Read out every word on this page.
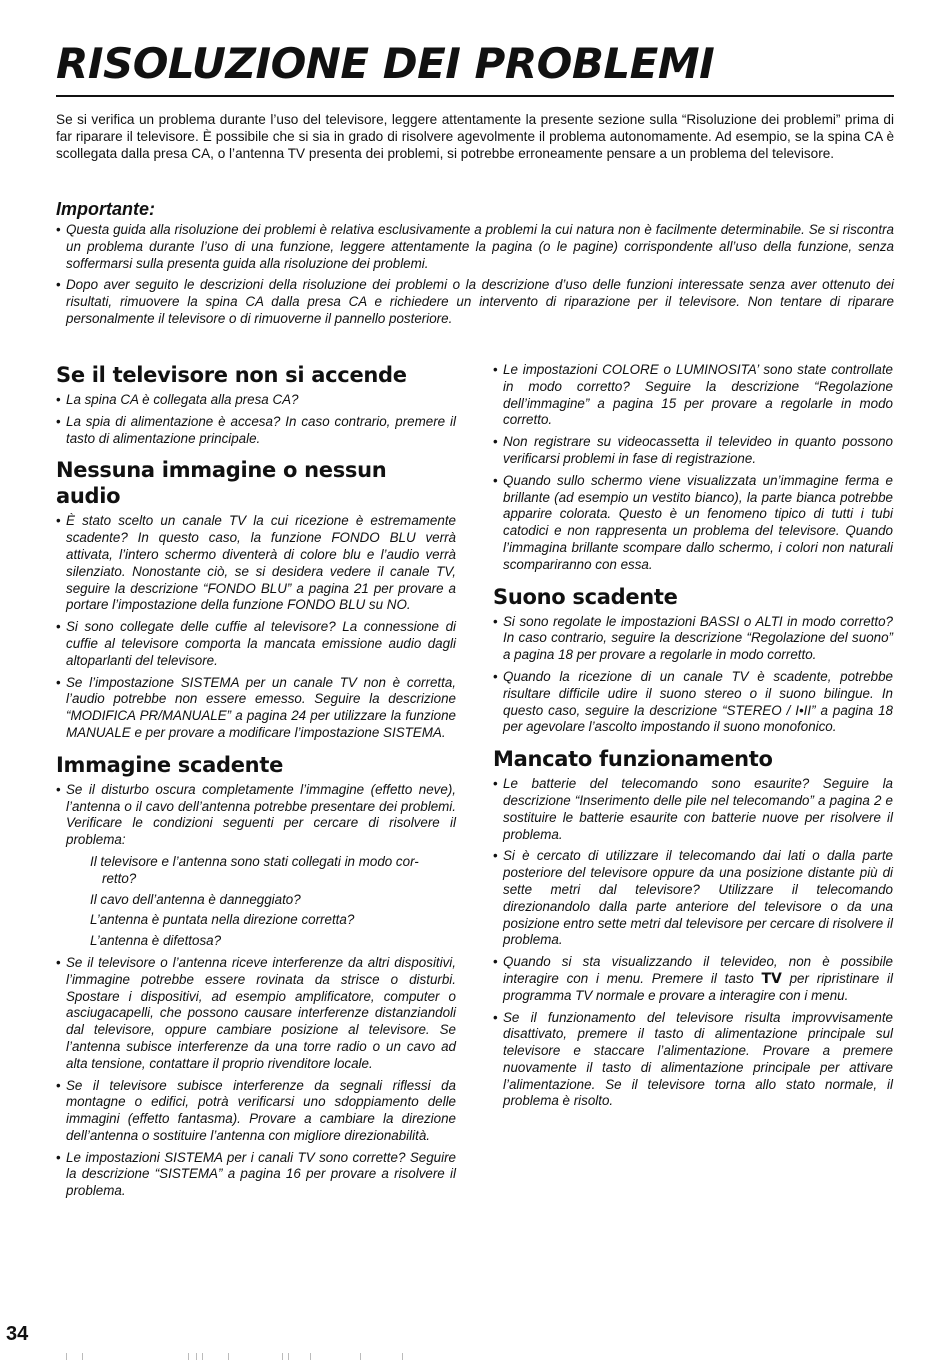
RISOLUZIONE DEI PROBLEMI

Se si verifica un problema durante l’uso del televisore, leggere attentamente la presente sezione sulla “Risoluzione dei problemi” prima di far riparare il televisore. È possibile che si sia in grado di risolvere agevolmente il problema autonomamente. Ad esempio, se la spina CA è scollegata dalla presa CA, o l’antenna TV presenta dei problemi, si potrebbe erroneamente pensare a un problema del televisore.

Importante:
• Questa guida alla risoluzione dei problemi è relativa esclusivamente a problemi la cui natura non è facilmente determinabile. Se si riscontra un problema durante l’uso di una funzione, leggere attentamente la pagina (o le pagine) corrispondente all’uso della funzione, senza soffermarsi sulla presenta guida alla risoluzione dei problemi.
• Dopo aver seguito le descrizioni della risoluzione dei problemi o la descrizione d’uso delle funzioni interessate senza aver ottenuto dei risultati, rimuovere la spina CA dalla presa CA e richiedere un intervento di riparazione per il televisore. Non tentare di riparare personalmente il televisore o di rimuoverne il pannello posteriore.
Se il televisore non si accende
• La spina CA è collegata alla presa CA?
• La spia di alimentazione è accesa? In caso contrario, premere il tasto di alimentazione principale.
Nessuna immagine o nessun audio
• È stato scelto un canale TV la cui ricezione è estremamente scadente? In questo caso, la funzione FONDO BLU verrà attivata, l’intero schermo diventerà di colore blu e l’audio verrà silenziato. Nonostante ciò, se si desidera vedere il canale TV, seguire la descrizione “FONDO BLU” a pagina 21 per provare a portare l’impostazione della funzione FONDO BLU su NO.
• Si sono collegate delle cuffie al televisore? La connessione di cuffie al televisore comporta la mancata emissione audio dagli altoparlanti del televisore.
• Se l’impostazione SISTEMA per un canale TV non è corretta, l’audio potrebbe non essere emesso. Seguire la descrizione “MODIFICA PR/MANUALE” a pagina 24 per utilizzare la funzione MANUALE e per provare a modificare l’impostazione SISTEMA.
Immagine scadente
• Se il disturbo oscura completamente l’immagine (effetto neve), l’antenna o il cavo dell’antenna potrebbe presentare dei problemi. Verificare le condizioni seguenti per cercare di risolvere il problema:
Il televisore e l’antenna sono stati collegati in modo cor-
retto?
Il cavo dell’antenna è danneggiato?
L’antenna è puntata nella direzione corretta?
L’antenna è difettosa?
• Se il televisore o l’antenna riceve interferenze da altri dispositivi, l’immagine potrebbe essere rovinata da strisce o disturbi. Spostare i dispositivi, ad esempio amplificatore, computer o asciugacapelli, che possono causare interferenze distanziandoli dal televisore, oppure cambiare posizione al televisore. Se l’antenna subisce interferenze da una torre radio o un cavo ad alta tensione, contattare il proprio rivenditore locale.
• Se il televisore subisce interferenze da segnali riflessi da montagne o edifici, potrà verificarsi uno sdoppiamento delle immagini (effetto fantasma). Provare a cambiare la direzione dell’antenna o sostituire l’antenna con migliore direzionabilità.
• Le impostazioni SISTEMA per i canali TV sono corrette? Seguire la descrizione “SISTEMA” a pagina 16 per provare a risolvere il problema.
• Le impostazioni COLORE o LUMINOSITA’ sono state controllate in modo corretto? Seguire la descrizione “Regolazione dell’immagine” a pagina 15 per provare a regolarle in modo corretto.
• Non registrare su videocassetta il televideo in quanto possono verificarsi problemi in fase di registrazione.
• Quando sullo schermo viene visualizzata un’immagine ferma e brillante (ad esempio un vestito bianco), la parte bianca potrebbe apparire colorata. Questo è un fenomeno tipico di tutti i tubi catodici e non rappresenta un problema del televisore. Quando l’immagina brillante scompare dallo schermo, i colori non naturali scompariranno con essa.
Suono scadente
• Si sono regolate le impostazioni BASSI o ALTI in modo corretto? In caso contrario, seguire la descrizione “Regolazione del suono” a pagina 18 per provare a regolarle in modo corretto.
• Quando la ricezione di un canale TV è scadente, potrebbe risultare difficile udire il suono stereo o il suono bilingue. In questo caso, seguire la descrizione “STEREO / I•II” a pagina 18 per agevolare l’ascolto impostando il suono monofonico.
Mancato funzionamento
• Le batterie del telecomando sono esaurite? Seguire la descrizione “Inserimento delle pile nel telecomando” a pagina 2 e sostituire le batterie esaurite con batterie nuove per risolvere il problema.
• Si è cercato di utilizzare il telecomando dai lati o dalla parte posteriore del televisore oppure da una posizione distante più di sette metri dal televisore? Utilizzare il telecomando direzionandolo dalla parte anteriore del televisore o da una posizione entro sette metri dal televisore per cercare di risolvere il problema.
• Quando si sta visualizzando il televideo, non è possibile interagire con i menu. Premere il tasto TV per ripristinare il programma TV normale e provare a interagire con i menu.
• Se il funzionamento del televisore risulta improvvisamente disattivato, premere il tasto di alimentazione principale sul televisore e staccare l’alimentazione. Provare a premere nuovamente il tasto di alimentazione principale per attivare l’alimentazione. Se il televisore torna allo stato normale, il problema è risolto.
34
